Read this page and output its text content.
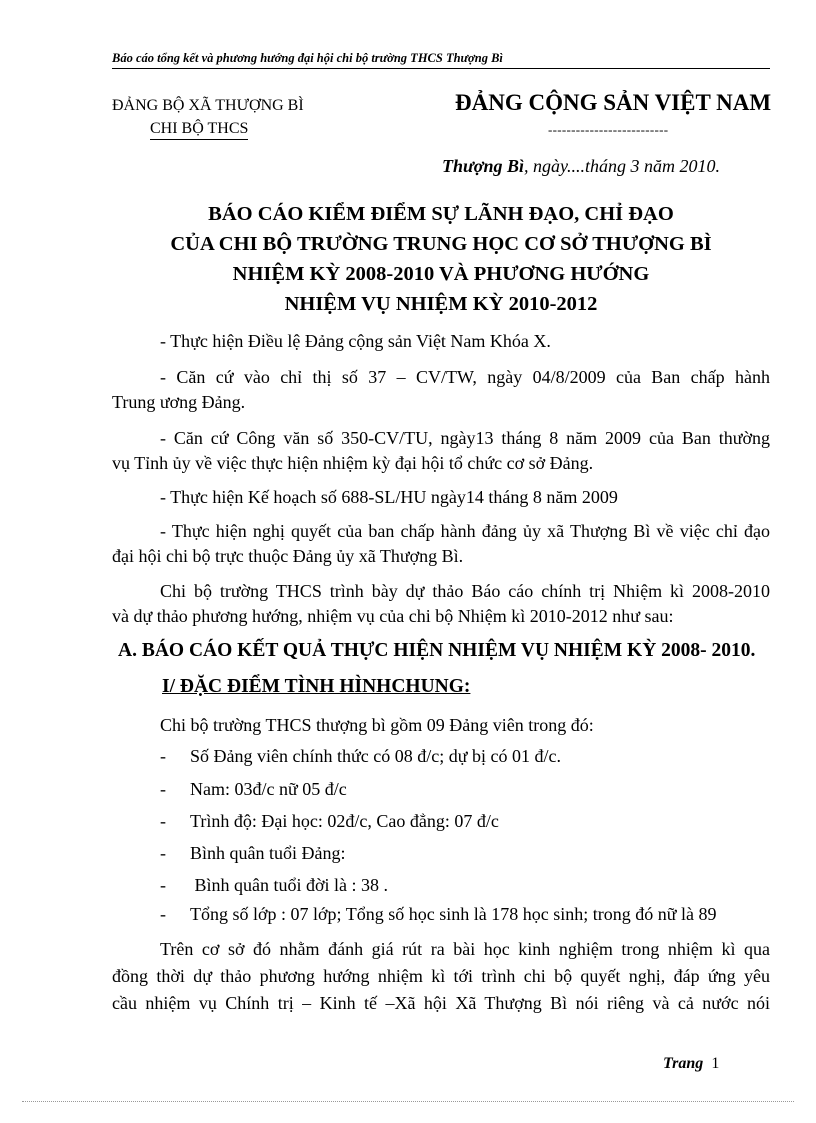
Báo cáo tổng kết và phương hướng đại hội chi bộ trường THCS Thượng Bì
ĐẢNG BỘ XÃ THƯỢNG BÌ
CHI BỘ THCS
ĐẢNG CỘNG SẢN VIỆT NAM
--------------------------
Thượng Bì, ngày....tháng 3 năm 2010.
BÁO CÁO KIỂM ĐIỂM SỰ LÃNH ĐẠO, CHỈ ĐẠO
CỦA CHI BỘ TRƯỜNG TRUNG HỌC CƠ SỞ THƯỢNG BÌ
NHIỆM KỲ 2008-2010 VÀ PHƯƠNG HƯỚNG
NHIỆM VỤ NHIỆM KỲ 2010-2012
- Thực hiện Điều lệ Đảng cộng sản Việt Nam Khóa X.
- Căn cứ vào chỉ thị số 37 – CV/TW, ngày 04/8/2009 của Ban chấp hành
Trung ương Đảng.
- Căn cứ Công văn số 350-CV/TU, ngày13 tháng 8 năm 2009 của Ban thường
vụ Tỉnh ủy về việc thực hiện nhiệm kỳ đại hội tổ chức cơ sở Đảng.
- Thực hiện Kế hoạch số 688-SL/HU ngày14 tháng 8 năm 2009
- Thực hiện nghị quyết của ban chấp hành đảng ủy xã Thượng Bì về việc chỉ đạo
đại hội chi bộ trực thuộc Đảng ủy xã Thượng Bì.
Chi bộ trường THCS trình bày dự thảo Báo cáo chính trị Nhiệm kì 2008-2010
và dự thảo phương hướng, nhiệm vụ của chi bộ Nhiệm kì 2010-2012 như sau:
A. BÁO CÁO KẾT QUẢ THỰC HIỆN NHIỆM VỤ NHIỆM KỲ 2008- 2010.
I/ ĐẶC ĐIỂM TÌNH HÌNHCHUNG:
Chi bộ trường THCS thượng bì gồm 09 Đảng viên trong đó:
- Số Đảng viên chính thức có 08 đ/c; dự bị có 01 đ/c.
- Nam: 03đ/c nữ 05 đ/c
- Trình độ: Đại học: 02đ/c, Cao đẳng: 07 đ/c
- Bình quân tuổi Đảng:
- Bình quân tuổi đời là : 38 .
- Tổng số lớp : 07 lớp; Tổng số học sinh là 178 học sinh; trong đó nữ là 89
Trên cơ sở đó nhằm đánh giá rút ra bài học kinh nghiệm trong nhiệm kì qua
đồng thời dự thảo phương hướng nhiệm kì tới trình chi bộ quyết nghị, đáp ứng yêu
cầu nhiệm vụ Chính trị – Kinh tế –Xã hội Xã Thượng Bì nói riêng và cả nước nói
Trang 1
